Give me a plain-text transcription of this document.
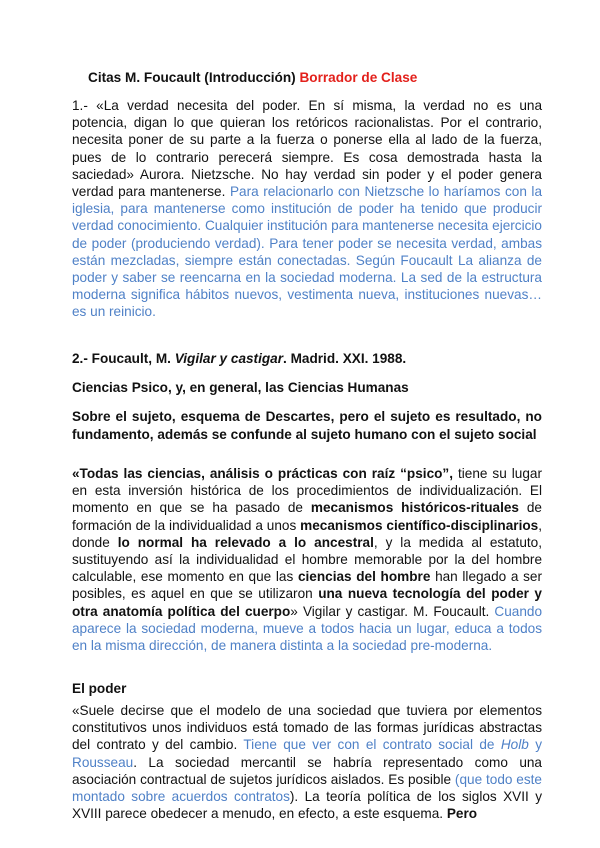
Citas M. Foucault (Introducción) Borrador de Clase
1.- «La verdad necesita del poder. En sí misma, la verdad no es una potencia, digan lo que quieran los retóricos racionalistas. Por el contrario, necesita poner de su parte a la fuerza o ponerse ella al lado de la fuerza, pues de lo contrario perecerá siempre. Es cosa demostrada hasta la saciedad» Aurora. Nietzsche. No hay verdad sin poder y el poder genera verdad para mantenerse. Para relacionarlo con Nietzsche lo haríamos con la iglesia, para mantenerse como institución de poder ha tenido que producir verdad conocimiento. Cualquier institución para mantenerse necesita ejercicio de poder (produciendo verdad). Para tener poder se necesita verdad, ambas están mezcladas, siempre están conectadas. Según Foucault La alianza de poder y saber se reencarna en la sociedad moderna. La sed de la estructura moderna significa hábitos nuevos, vestimenta nueva, instituciones nuevas… es un reinicio.
2.- Foucault, M. Vigilar y castigar. Madrid. XXI. 1988.
Ciencias Psico, y, en general, las Ciencias Humanas
Sobre el sujeto, esquema de Descartes, pero el sujeto es resultado, no fundamento, además se confunde al sujeto humano con el sujeto social
«Todas las ciencias, análisis o prácticas con raíz “psico”, tiene su lugar en esta inversión histórica de los procedimientos de individualización. El momento en que se ha pasado de mecanismos históricos-rituales de formación de la individualidad a unos mecanismos científico-disciplinarios, donde lo normal ha relevado a lo ancestral, y la medida al estatuto, sustituyendo así la individualidad el hombre memorable por la del hombre calculable, ese momento en que las ciencias del hombre han llegado a ser posibles, es aquel en que se utilizaron una nueva tecnología del poder y otra anatomía política del cuerpo» Vigilar y castigar. M. Foucault. Cuando aparece la sociedad moderna, mueve a todos hacia un lugar, educa a todos en la misma dirección, de manera distinta a la sociedad pre-moderna.
El poder
«Suele decirse que el modelo de una sociedad que tuviera por elementos constitutivos unos individuos está tomado de las formas jurídicas abstractas del contrato y del cambio. Tiene que ver con el contrato social de Holb y Rousseau. La sociedad mercantil se habría representado como una asociación contractual de sujetos jurídicos aislados. Es posible (que todo este montado sobre acuerdos contratos). La teoría política de los siglos XVII y XVIII parece obedecer a menudo, en efecto, a este esquema. Pero
